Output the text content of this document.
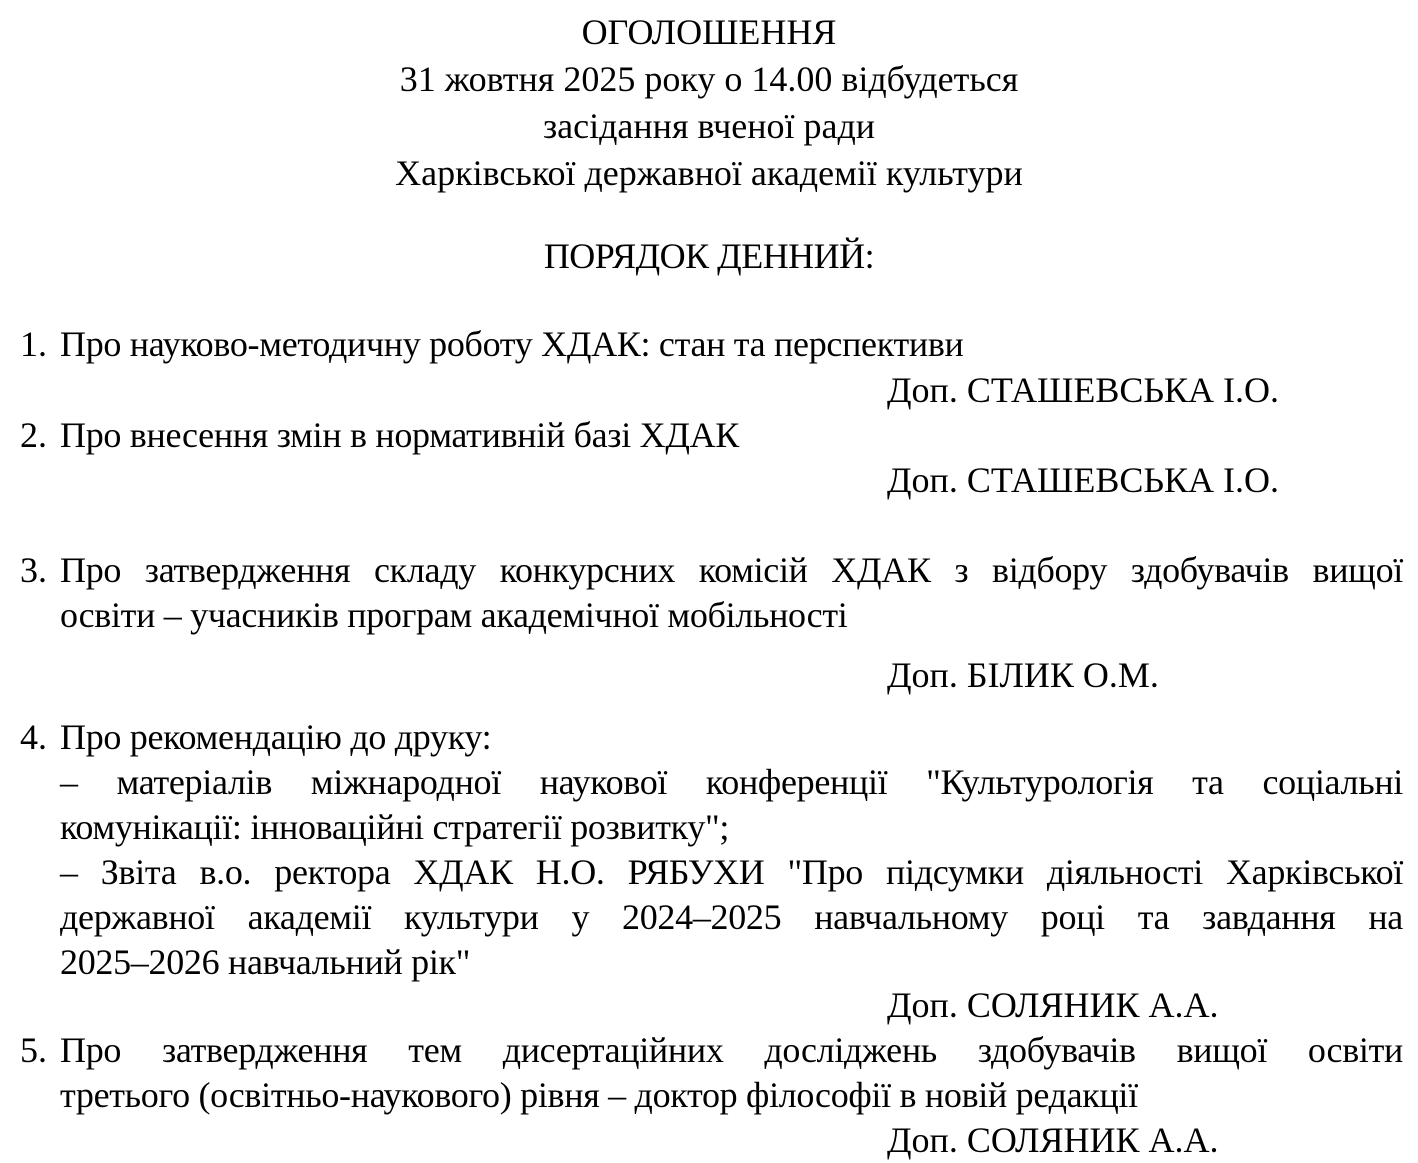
ОГОЛОШЕННЯ
31 жовтня 2025 року о 14.00 відбудеться
засідання вченої ради
Харківської державної академії культури
ПОРЯДОК ДЕННИЙ:
1. Про науково-методичну роботу ХДАК: стан та перспективи
Доп. СТАШЕВСЬКА І.О.
2. Про внесення змін в нормативній базі ХДАК
Доп. СТАШЕВСЬКА І.О.
3. Про затвердження складу конкурсних комісій ХДАК з відбору здобувачів вищої
освіти – учасників програм академічної мобільності
Доп. БІЛИК О.М.
4. Про рекомендацію до друку:
– матеріалів міжнародної наукової конференції "Культурологія та соціальні
комунікації: інноваційні стратегії розвитку";
– Звіта в.о. ректора ХДАК Н.О. РЯБУХИ "Про підсумки діяльності Харківської
державної академії культури у 2024–2025 навчальному році та завдання на
2025–2026 навчальний рік"
Доп. СОЛЯНИК А.А.
5. Про затвердження тем дисертаційних досліджень здобувачів вищої освіти
третього (освітньо-наукового) рівня – доктор філософії в новій редакції
Доп. СОЛЯНИК А.А.
